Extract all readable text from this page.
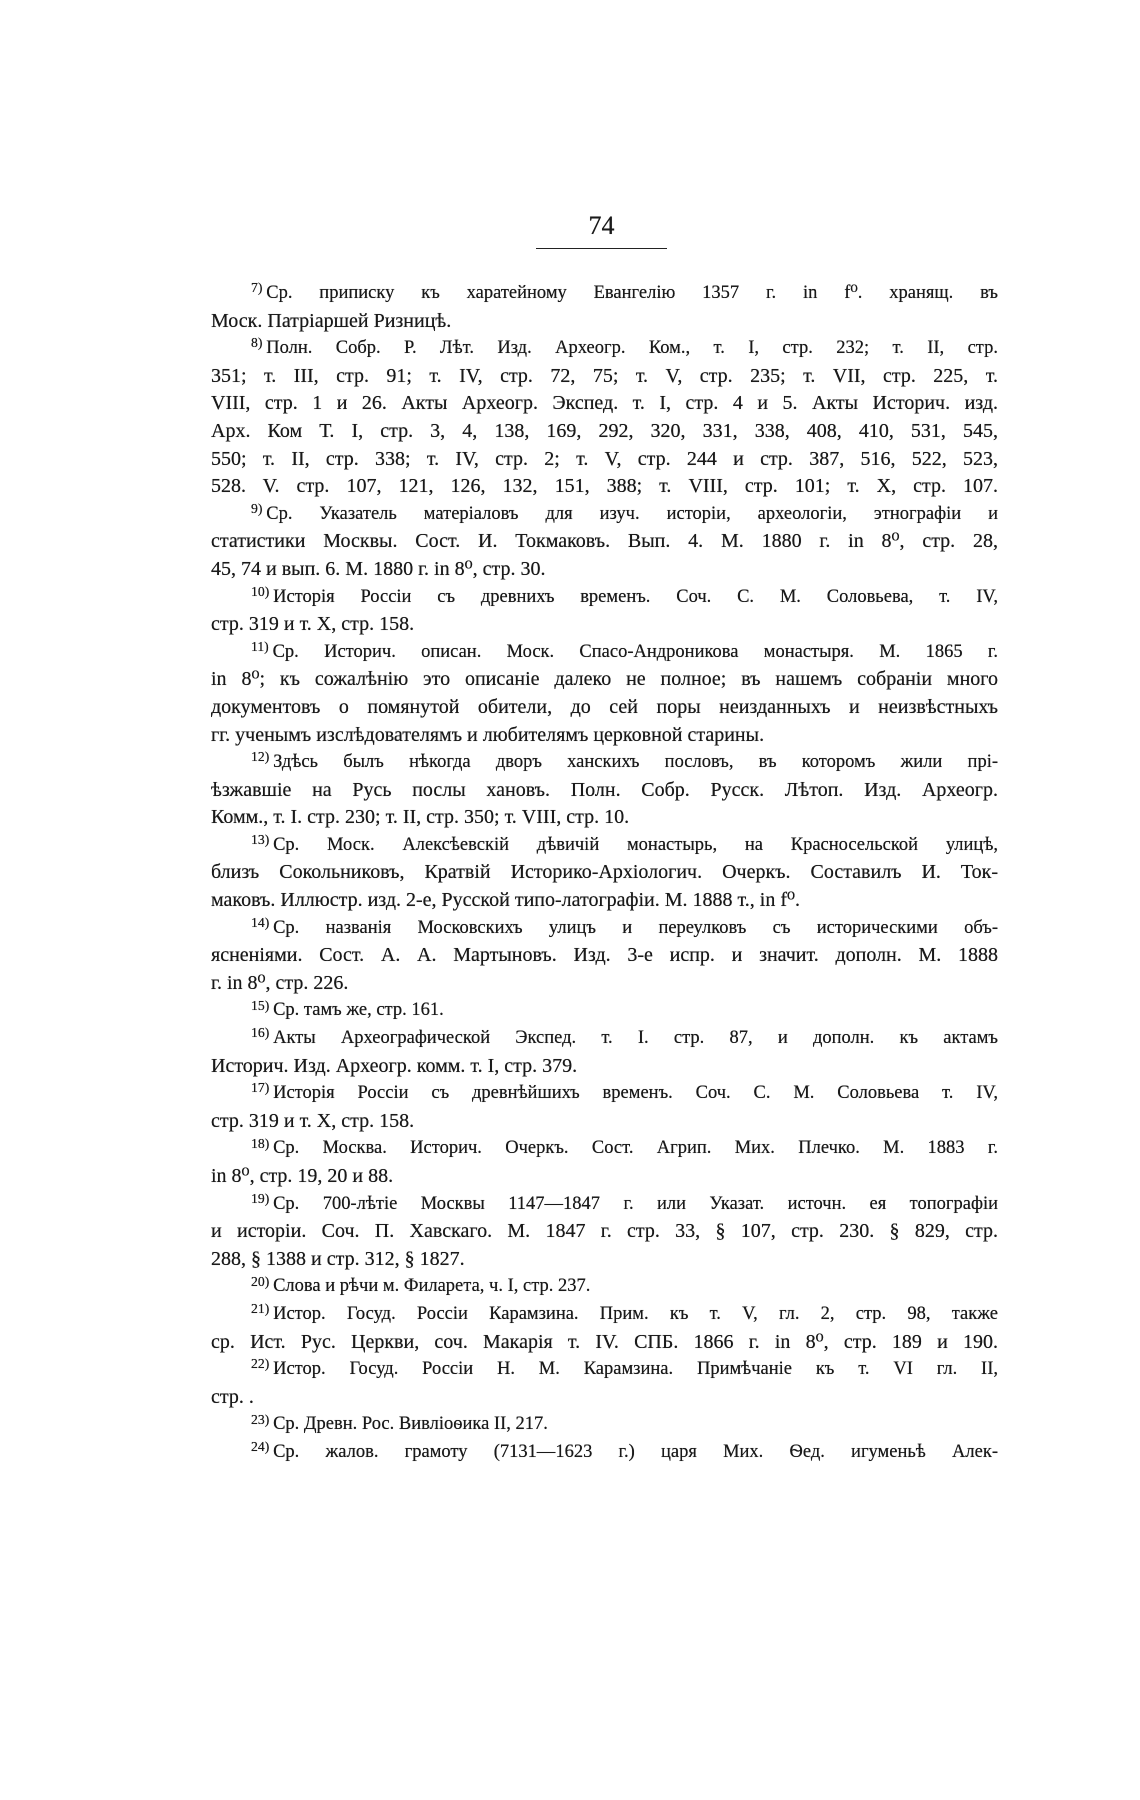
74
$^{7)}$ Ср. приписку къ харатейному Евангелію 1357 г. in f⁰. хранящ. въ
Моск. Патріаршей Ризницѣ.
$^{8)}$ Полн. Собр. Р. Лѣт. Изд. Археогр. Ком., т. I, стр. 232; т. II, стр.
351; т. III, стр. 91; т. IV, стр. 72, 75; т. V, стр. 235; т. VII, стр. 225, т.
VIII, стр. 1 и 26. Акты Археогр. Экспед. т. I, стр. 4 и 5. Акты Историч. изд.
Арх. Ком Т. I, стр. 3, 4, 138, 169, 292, 320, 331, 338, 408, 410, 531, 545,
550; т. II, стр. 338; т. IV, стр. 2; т. V, стр. 244 и стр. 387, 516, 522, 523,
528. V. стр. 107, 121, 126, 132, 151, 388; т. VIII, стр. 101; т. X, стр. 107.
$^{9)}$ Ср. Указатель матеріаловъ для изуч. исторіи, археологіи, этнографіи и
статистики Москвы. Сост. И. Токмаковъ. Вып. 4. М. 1880 г. in 8⁰, стр. 28,
45, 74 и вып. 6. М. 1880 г. in 8⁰, стр. 30.
$^{10)}$ Исторія Россіи съ древнихъ временъ. Соч. С. М. Соловьева, т. IV,
стр. 319 и т. X, стр. 158.
$^{11)}$ Ср. Историч. описан. Моск. Спасо-Андроникова монастыря. М. 1865 г.
in 8⁰; къ сожалѣнію это описаніе далеко не полное; въ нашемъ собраніи много
документовъ о помянутой обители, до сей поры неизданныхъ и неизвѣстныхъ
гг. ученымъ изслѣдователямъ и любителямъ церковной старины.
$^{12)}$ Здѣсь былъ нѣкогда дворъ ханскихъ пословъ, въ которомъ жили прі-
ѣзжавшіе на Русь послы хановъ. Полн. Собр. Русск. Лѣтоп. Изд. Археогр.
Комм., т. I. стр. 230; т. II, стр. 350; т. VIII, стр. 10.
$^{13)}$ Ср. Моск. Алексѣевскій дѣвичій монастырь, на Красносельской улицѣ,
близъ Сокольниковъ, Кратвій Историко-Архіологич. Очеркъ. Составилъ И. Ток-
маковъ. Иллюстр. изд. 2-е, Русской типо-латографіи. М. 1888 т., in f⁰.
$^{14)}$ Ср. названія Московскихъ улицъ и переулковъ съ историческими объ-
ясненіями. Сост. А. А. Мартыновъ. Изд. 3-е испр. и значит. дополн. М. 1888
г. in 8⁰, стр. 226.
$^{15)}$ Ср. тамъ же, стр. 161.
$^{16)}$ Акты Археографической Экспед. т. I. стр. 87, и дополн. къ актамъ
Историч. Изд. Археогр. комм. т. I, стр. 379.
$^{17)}$ Исторія Россіи съ древнѣйшихъ временъ. Соч. С. М. Соловьева т. IV,
стр. 319 и т. X, стр. 158.
$^{18)}$ Ср. Москва. Историч. Очеркъ. Сост. Агрип. Мих. Плечко. М. 1883 г.
in 8⁰, стр. 19, 20 и 88.
$^{19)}$ Ср. 700-лѣтіе Москвы 1147—1847 г. или Указат. источн. ея топографіи
и исторіи. Соч. П. Хавскаго. М. 1847 г. стр. 33, § 107, стр. 230. § 829, стр.
288, § 1388 и стр. 312, § 1827.
$^{20)}$ Слова и рѣчи м. Филарета, ч. I, стр. 237.
$^{21)}$ Истор. Госуд. Россіи Карамзина. Прим. къ т. V, гл. 2, стр. 98, также
ср. Ист. Рус. Церкви, соч. Макарія т. IV. СПБ. 1866 г. in 8⁰, стр. 189 и 190.
$^{22)}$ Истор. Госуд. Россіи Н. М. Карамзина. Примѣчаніе къ т. VI гл. II,
стр. .
$^{23)}$ Ср. Древн. Рос. Вивліоѳика II, 217.
$^{24)}$ Ср. жалов. грамоту (7131—1623 г.) царя Мих. Ѳед. игуменьѣ Алек-
